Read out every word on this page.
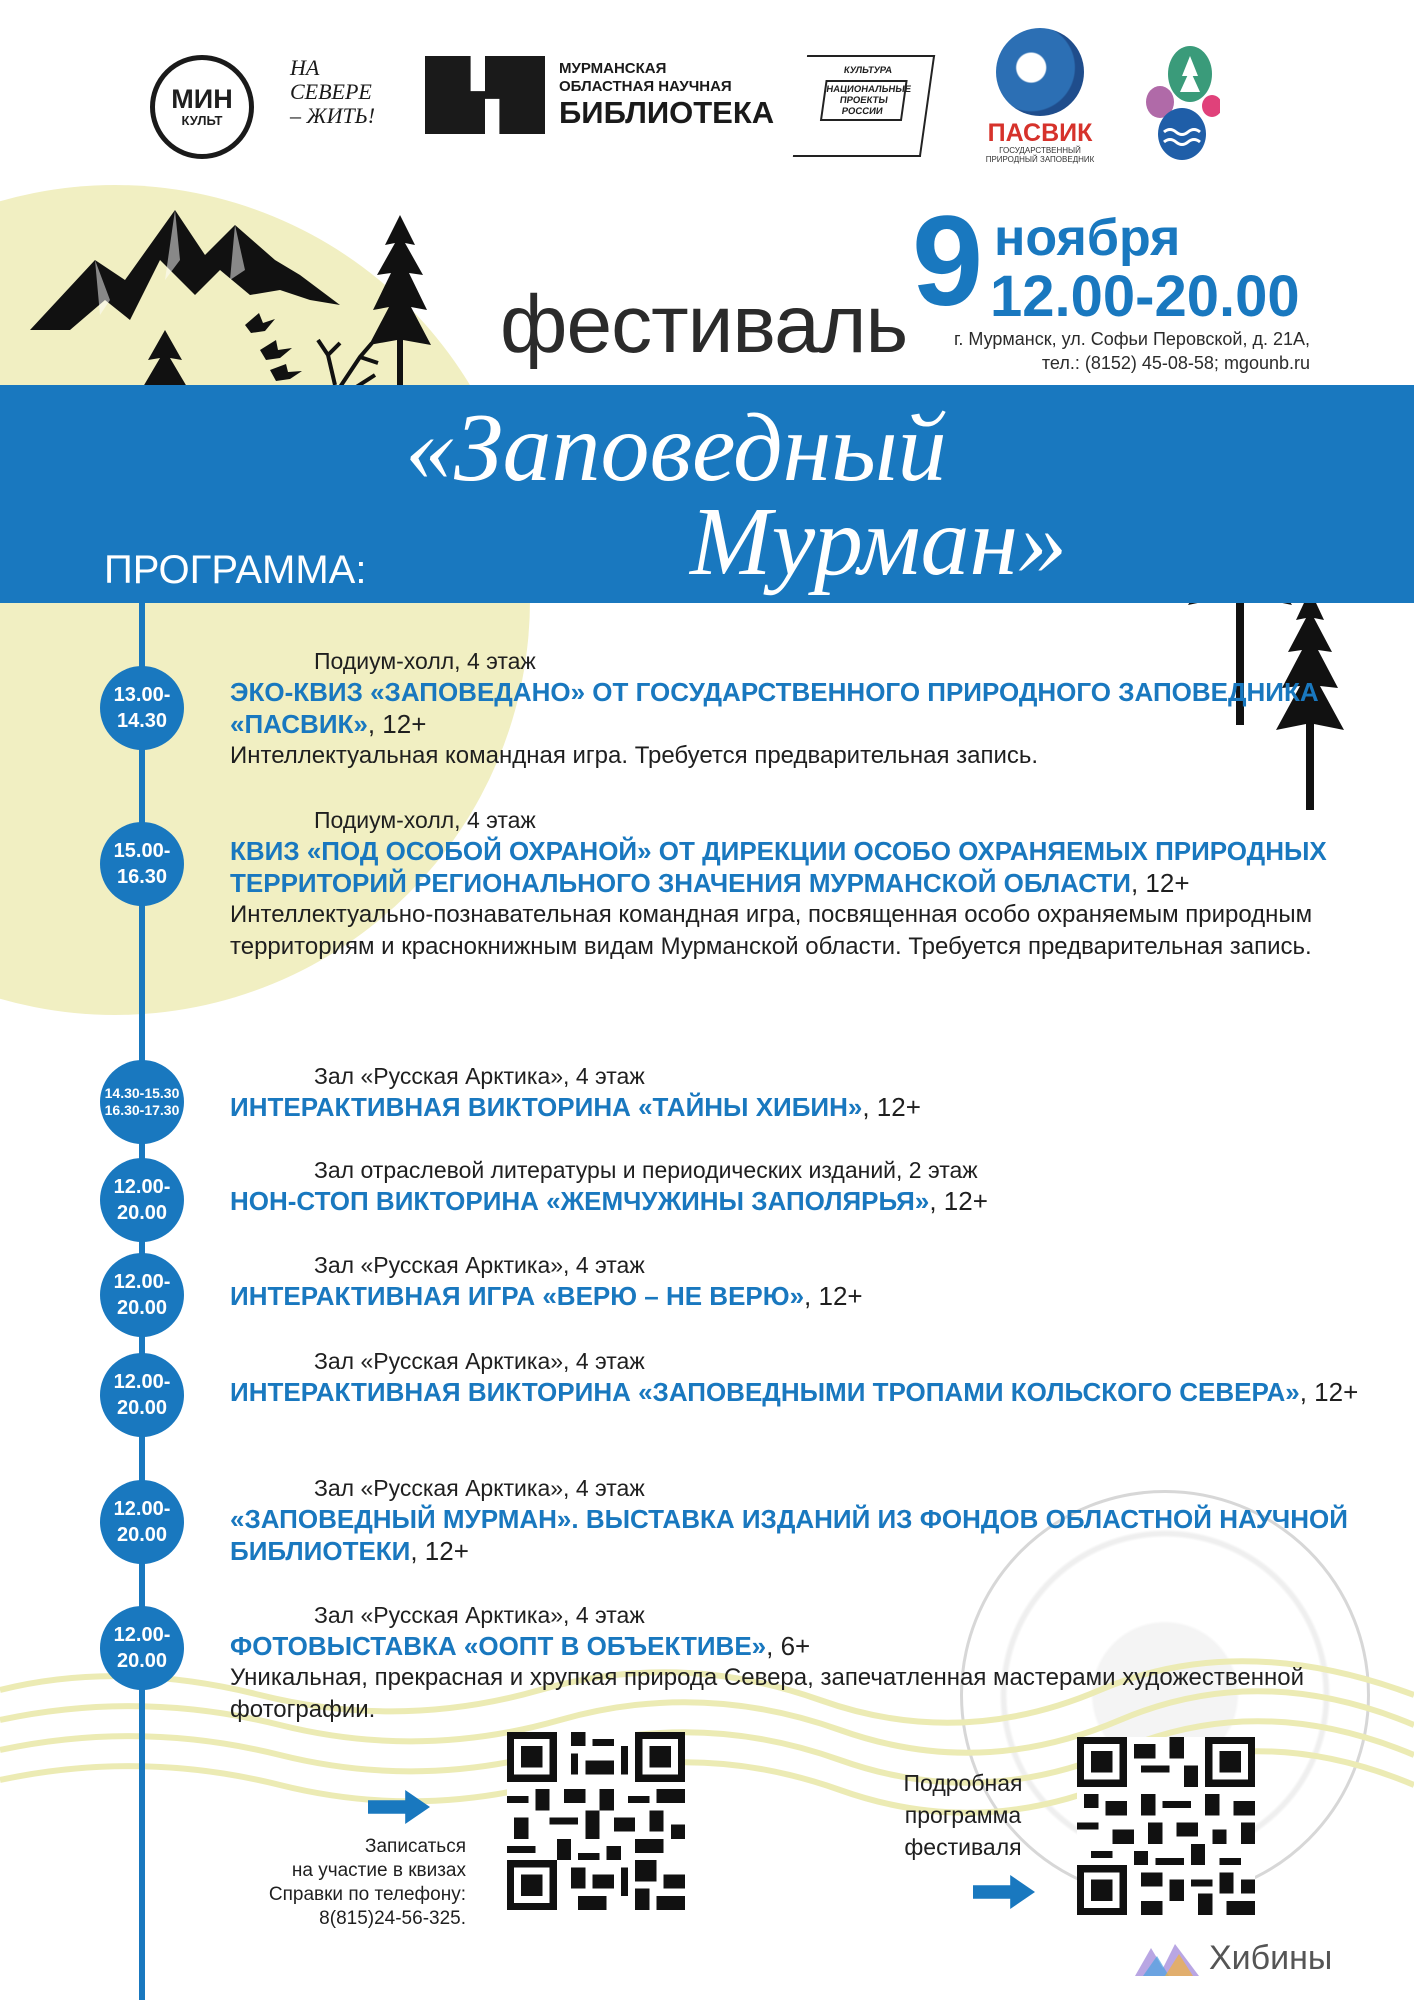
МИН
КУЛЬТ
НА СЕВЕРЕ – ЖИТЬ!
МУРМАНСКАЯ
ОБЛАСТНАЯ НАУЧНАЯ
БИБЛИОТЕКА
КУЛЬТУРА
НАЦИОНАЛЬНЫЕ ПРОЕКТЫ РОССИИ
ПАСВИК
ГОСУДАРСТВЕННЫЙ ПРИРОДНЫЙ ЗАПОВЕДНИК
фестиваль 9 ноября
12.00-20.00
г. Мурманск, ул. Софьи Перовской, д. 21А,
тел.: (8152) 45-08-58; mgounb.ru
«Заповедный
Мурман»
ПРОГРАММА:
13.00-
14.30
Подиум-холл, 4 этаж
ЭКО-КВИЗ «ЗАПОВЕДАНО» ОТ ГОСУДАРСТВЕННОГО ПРИРОДНОГО ЗАПОВЕДНИКА «ПАСВИК», 12+
Интеллектуальная командная игра. Требуется предварительная запись.
15.00-
16.30
Подиум-холл, 4 этаж
КВИЗ «ПОД ОСОБОЙ ОХРАНОЙ» ОТ ДИРЕКЦИИ ОСОБО ОХРАНЯЕМЫХ ПРИРОДНЫХ ТЕРРИТОРИЙ РЕГИОНАЛЬНОГО ЗНАЧЕНИЯ МУРМАНСКОЙ ОБЛАСТИ, 12+
Интеллектуально-познавательная командная игра, посвященная особо охраняемым природным территориям и краснокнижным видам Мурманской области. Требуется предварительная запись.
14.30-15.30
16.30-17.30
Зал «Русская Арктика», 4 этаж
ИНТЕРАКТИВНАЯ ВИКТОРИНА «ТАЙНЫ ХИБИН», 12+
12.00-
20.00
Зал отраслевой литературы и периодических изданий, 2 этаж
НОН-СТОП ВИКТОРИНА «ЖЕМЧУЖИНЫ ЗАПОЛЯРЬЯ», 12+
12.00-
20.00
Зал «Русская Арктика», 4 этаж
ИНТЕРАКТИВНАЯ ИГРА «ВЕРЮ – НЕ ВЕРЮ», 12+
12.00-
20.00
Зал «Русская Арктика», 4 этаж
ИНТЕРАКТИВНАЯ ВИКТОРИНА «ЗАПОВЕДНЫМИ ТРОПАМИ КОЛЬСКОГО СЕВЕРА», 12+
12.00-
20.00
Зал «Русская Арктика», 4 этаж
«ЗАПОВЕДНЫЙ МУРМАН». ВЫСТАВКА ИЗДАНИЙ ИЗ ФОНДОВ ОБЛАСТНОЙ НАУЧНОЙ БИБЛИОТЕКИ, 12+
12.00-
20.00
Зал «Русская Арктика», 4 этаж
ФОТОВЫСТАВКА «ООПТ В ОБЪЕКТИВЕ», 6+
Уникальная, прекрасная и хрупкая природа Севера, запечатленная мастерами художественной фотографии.
Записаться
на участие в квизах
Справки по телефону:
8(815)24-56-325.
Подробная
программа
фестиваля
Хибины
